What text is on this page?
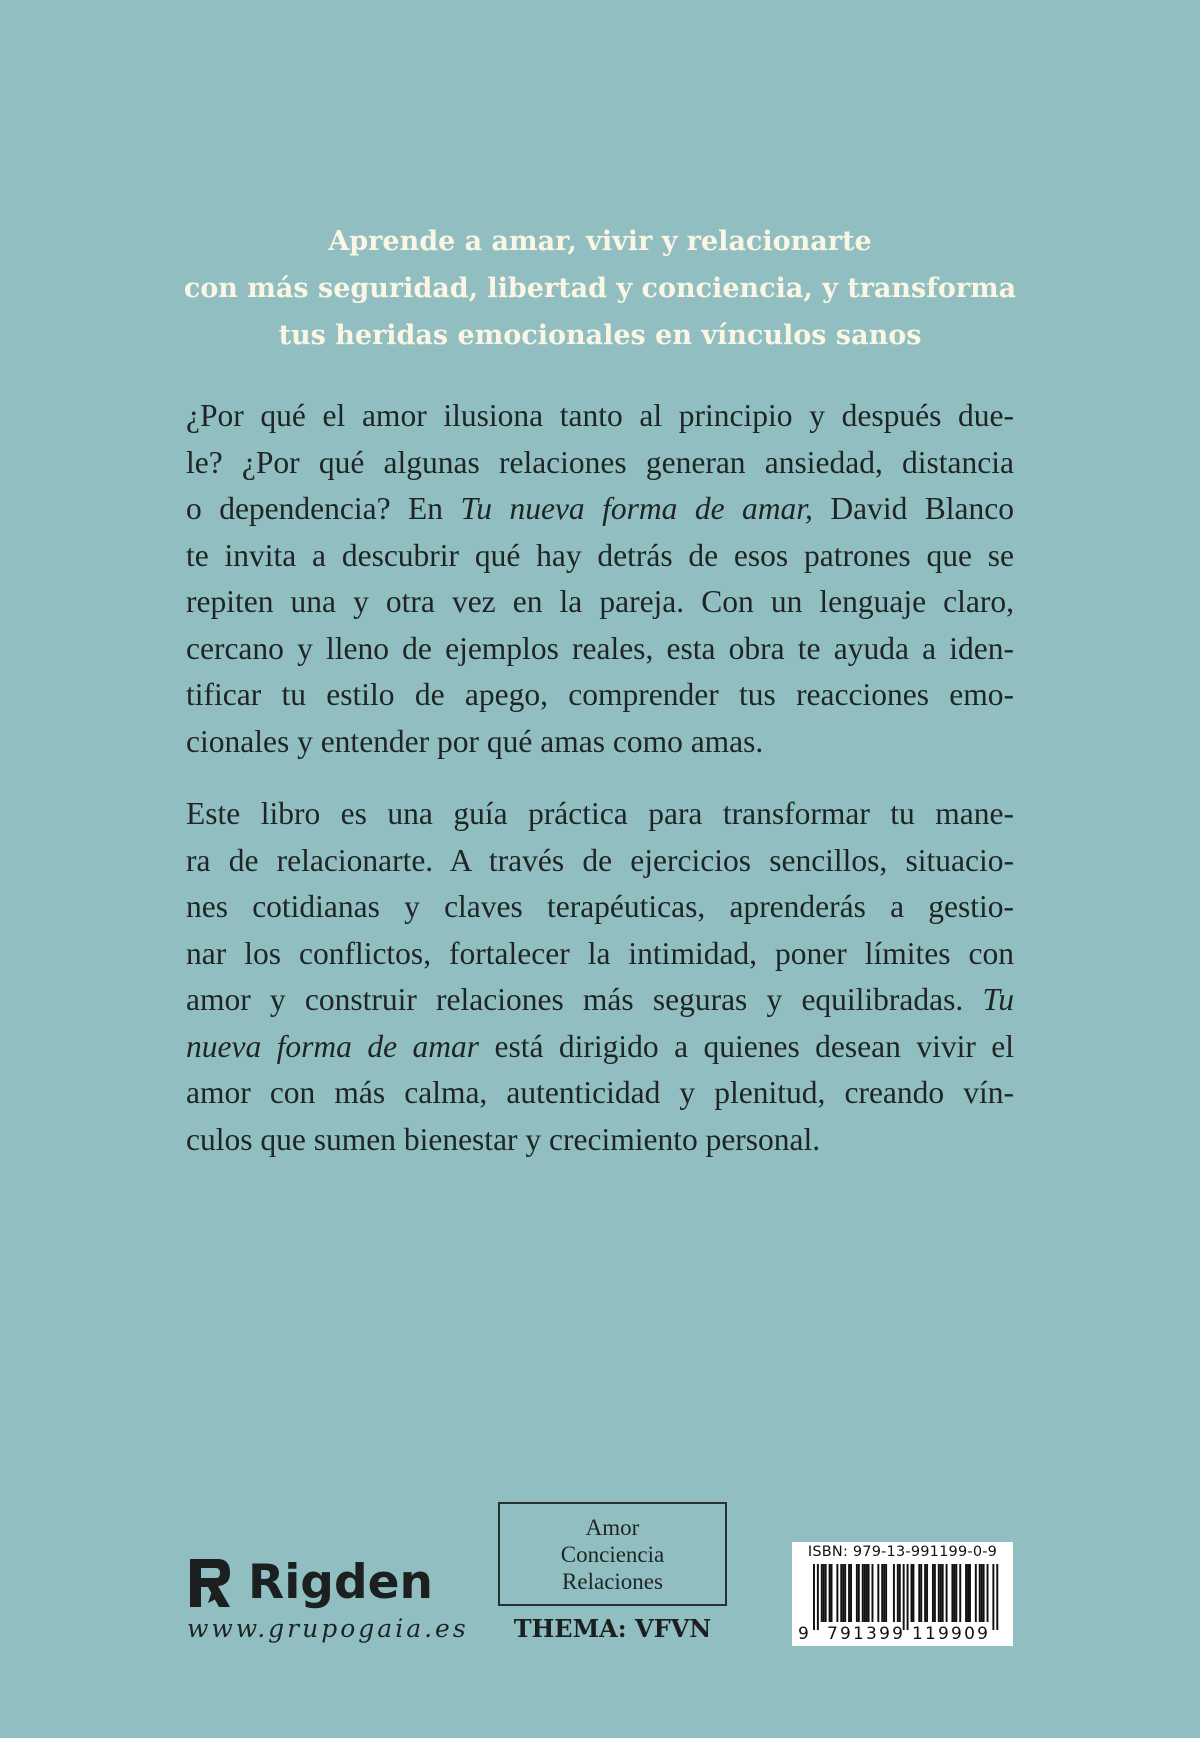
Aprende a amar, vivir y relacionarte
con más seguridad, libertad y conciencia, y transforma
tus heridas emocionales en vínculos sanos
¿Por qué el amor ilusiona tanto al principio y después due-
le? ¿Por qué algunas relaciones generan ansiedad, distancia
o dependencia? En Tu nueva forma de amar, David Blanco
te invita a descubrir qué hay detrás de esos patrones que se
repiten una y otra vez en la pareja. Con un lenguaje claro,
cercano y lleno de ejemplos reales, esta obra te ayuda a iden-
tificar tu estilo de apego, comprender tus reacciones emo-
cionales y entender por qué amas como amas.
Este libro es una guía práctica para transformar tu mane-
ra de relacionarte. A través de ejercicios sencillos, situacio-
nes cotidianas y claves terapéuticas, aprenderás a gestio-
nar los conflictos, fortalecer la intimidad, poner límites con
amor y construir relaciones más seguras y equilibradas. Tu
nueva forma de amar está dirigido a quienes desean vivir el
amor con más calma, autenticidad y plenitud, creando vín-
culos que sumen bienestar y crecimiento personal.
Rigden
www.grupogaia.es
Amor
Conciencia
Relaciones
THEMA: VFVN
ISBN: 979-13-991199-0-9
9 791399 119909
